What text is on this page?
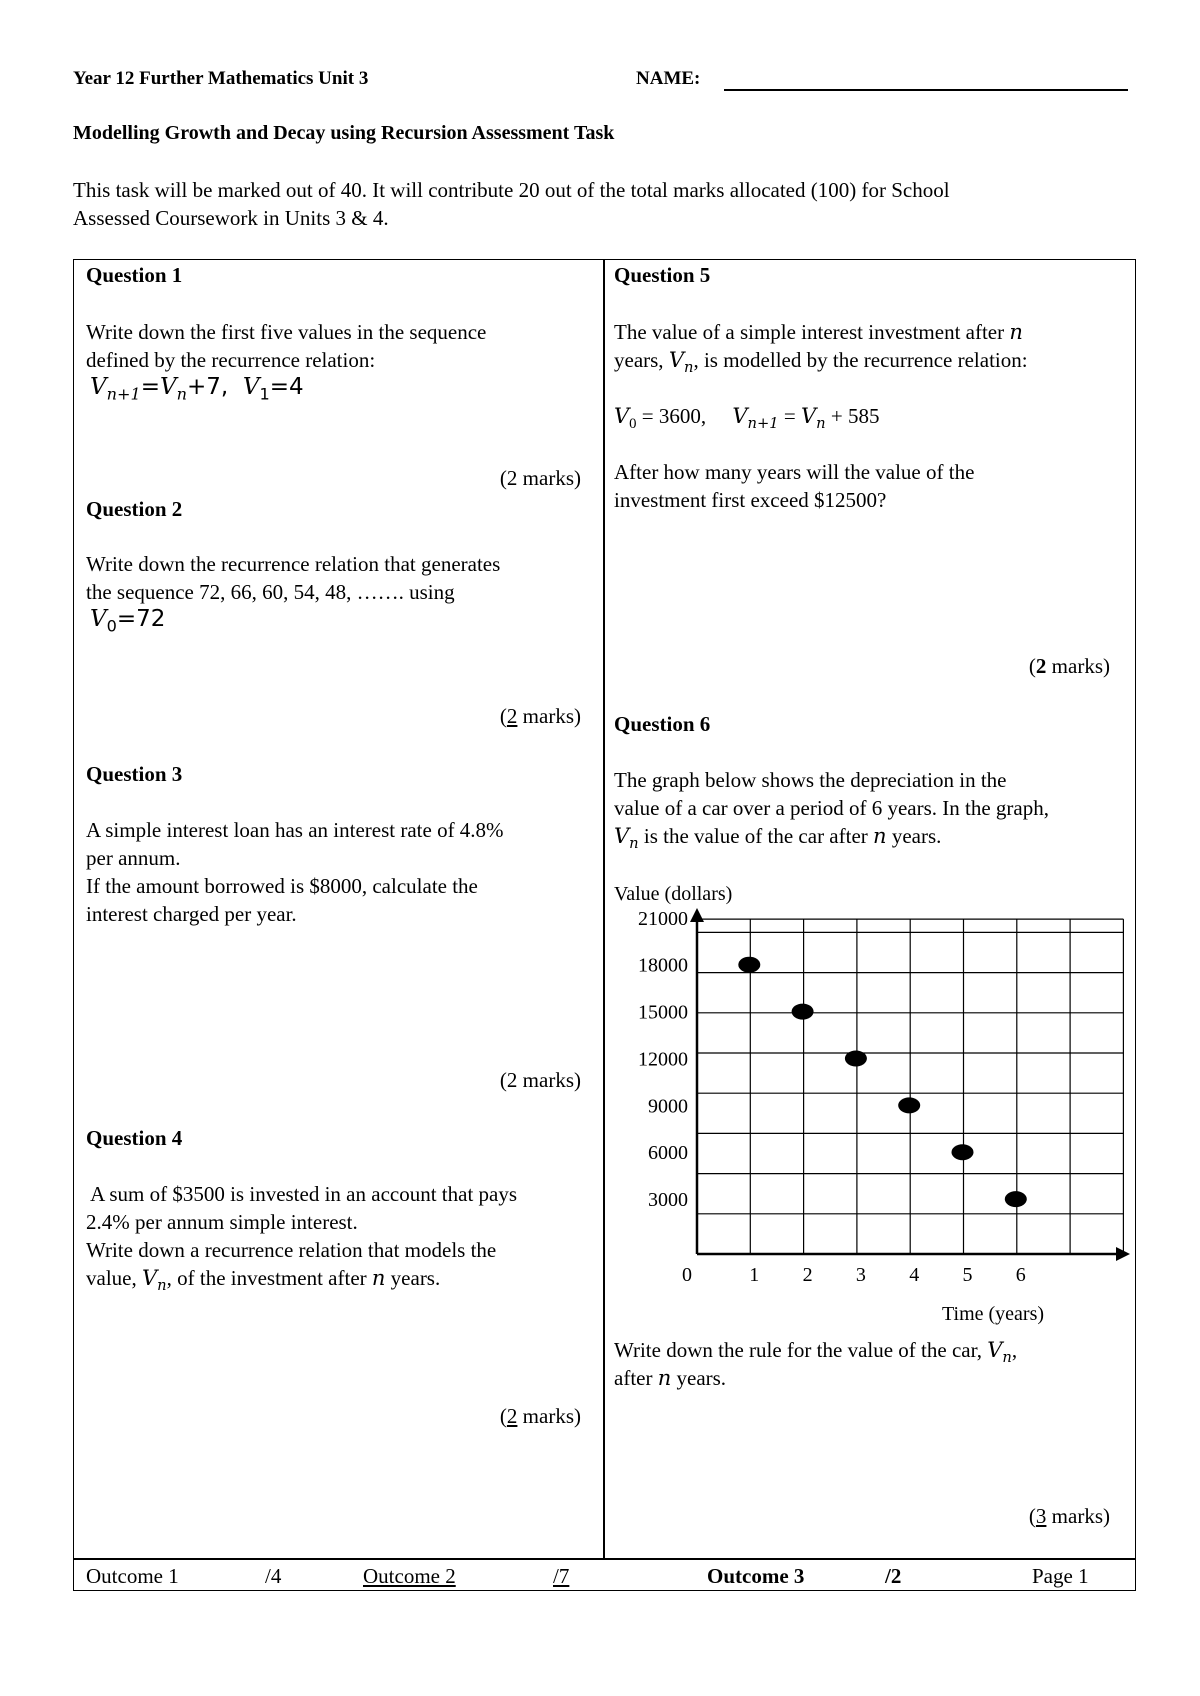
Year 12 Further Mathematics Unit 3	NAME:
Modelling Growth and Decay using Recursion Assessment Task
This task will be marked out of 40. It will contribute 20 out of the total marks allocated (100) for School
Assessed Coursework in Units 3 & 4.
Question 1
Write down the first five values in the sequence
defined by the recurrence relation:
$V_{n+1}=V_n+7$,  $V_1=4$
(2 marks)
Question 2
Write down the recurrence relation that generates
the sequence 72, 66, 60, 54, 48, ……. using
$V_0=72$
(2 marks)
Question 3
A simple interest loan has an interest rate of 4.8%
per annum.
If the amount borrowed is $8000, calculate the
interest charged per year.
(2 marks)
Question 4
A sum of $3500 is invested in an account that pays
2.4% per annum simple interest.
Write down a recurrence relation that models the
value, $V_n$, of the investment after n years.
(2 marks)
Question 5
The value of a simple interest investment after n
years, $V_n$, is modelled by the recurrence relation:
$V_0 = 3600$,     $V_{n+1} = V_n + 585$
After how many years will the value of the
investment first exceed $12500?
(2 marks)
Question 6
The graph below shows the depreciation in the
value of a car over a period of 6 years. In the graph,
$V_n$ is the value of the car after n years.
Value (dollars)
3000
6000
9000
12000
15000
18000
21000
0	1 2 3 4 5 6
Time (years)
Write down the rule for the value of the car, $V_n$,
after n years.
(3 marks)
Outcome 1	/4	Outcome 2	/7	Outcome 3	/2	Page 1
